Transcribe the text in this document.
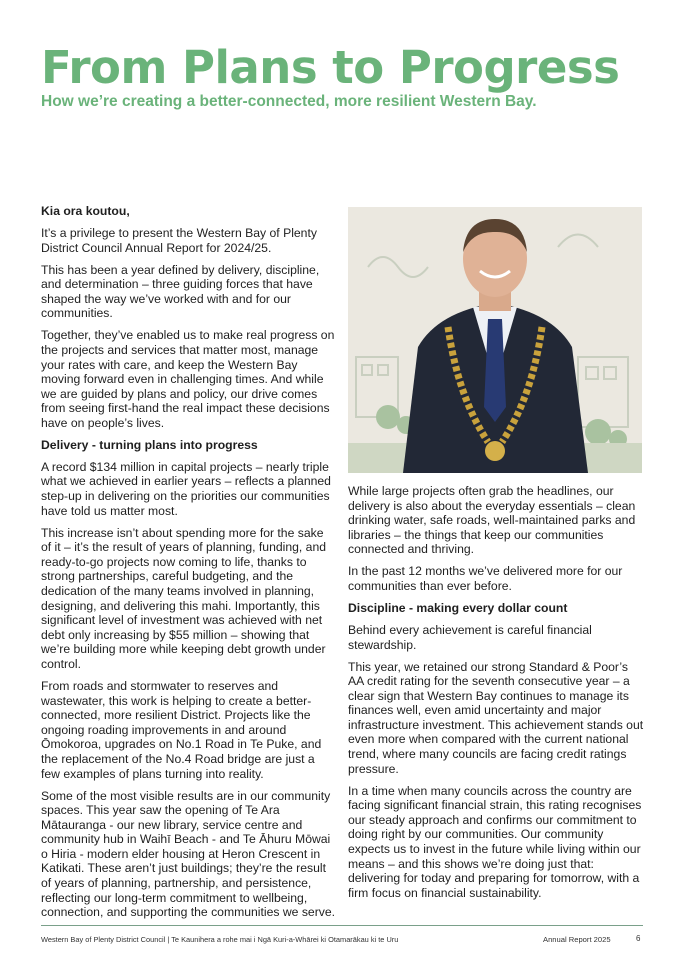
From Plans to Progress
How we’re creating a better-connected, more resilient Western Bay.

Kia ora koutou,

It’s a privilege to present the Western Bay of Plenty District Council Annual Report for 2024/25.

This has been a year defined by delivery, discipline, and determination – three guiding forces that have shaped the way we’ve worked with and for our communities.

Together, they’ve enabled us to make real progress on the projects and services that matter most, manage your rates with care, and keep the Western Bay moving forward even in challenging times. And while we are guided by plans and policy, our drive comes from seeing first-hand the real impact these decisions have on people’s lives.

Delivery - turning plans into progress

A record $134 million in capital projects – nearly triple what we achieved in earlier years – reflects a planned step-up in delivering on the priorities our communities have told us matter most.

This increase isn’t about spending more for the sake of it – it’s the result of years of planning, funding, and ready-to-go projects now coming to life, thanks to strong partnerships, careful budgeting, and the dedication of the many teams involved in planning, designing, and delivering this mahi. Importantly, this significant level of investment was achieved with net debt only increasing by $55 million – showing that we’re building more while keeping debt growth under control.

From roads and stormwater to reserves and wastewater, this work is helping to create a better-connected, more resilient District. Projects like the ongoing roading improvements in and around Ōmokoroa, upgrades on No.1 Road in Te Puke, and the replacement of the No.4 Road bridge are just a few examples of plans turning into reality.

Some of the most visible results are in our community spaces. This year saw the opening of Te Ara Mātauranga - our new library, service centre and community hub in Waihī Beach - and Te Āhuru Mōwai o Hiria - modern elder housing at Heron Crescent in Katikati. These aren’t just buildings; they’re the result of years of planning, partnership, and persistence, reflecting our long-term commitment to wellbeing, connection, and supporting the communities we serve.

While large projects often grab the headlines, our delivery is also about the everyday essentials – clean drinking water, safe roads, well-maintained parks and libraries – the things that keep our communities connected and thriving.

In the past 12 months we’ve delivered more for our communities than ever before.

Discipline - making every dollar count

Behind every achievement is careful financial stewardship.

This year, we retained our strong Standard & Poor’s AA credit rating for the seventh consecutive year – a clear sign that Western Bay continues to manage its finances well, even amid uncertainty and major infrastructure investment. This achievement stands out even more when compared with the current national trend, where many councils are facing credit ratings pressure.

In a time when many councils across the country are facing significant financial strain, this rating recognises our steady approach and confirms our commitment to doing right by our communities. Our community expects us to invest in the future while living within our means – and this shows we’re doing just that: delivering for today and preparing for tomorrow, with a firm focus on financial sustainability.

Western Bay of Plenty District Council | Te Kaunihera a rohe mai i Ngā Kuri-a-Whārei ki Otamarākau ki te Uru	Annual Report 2025	6
